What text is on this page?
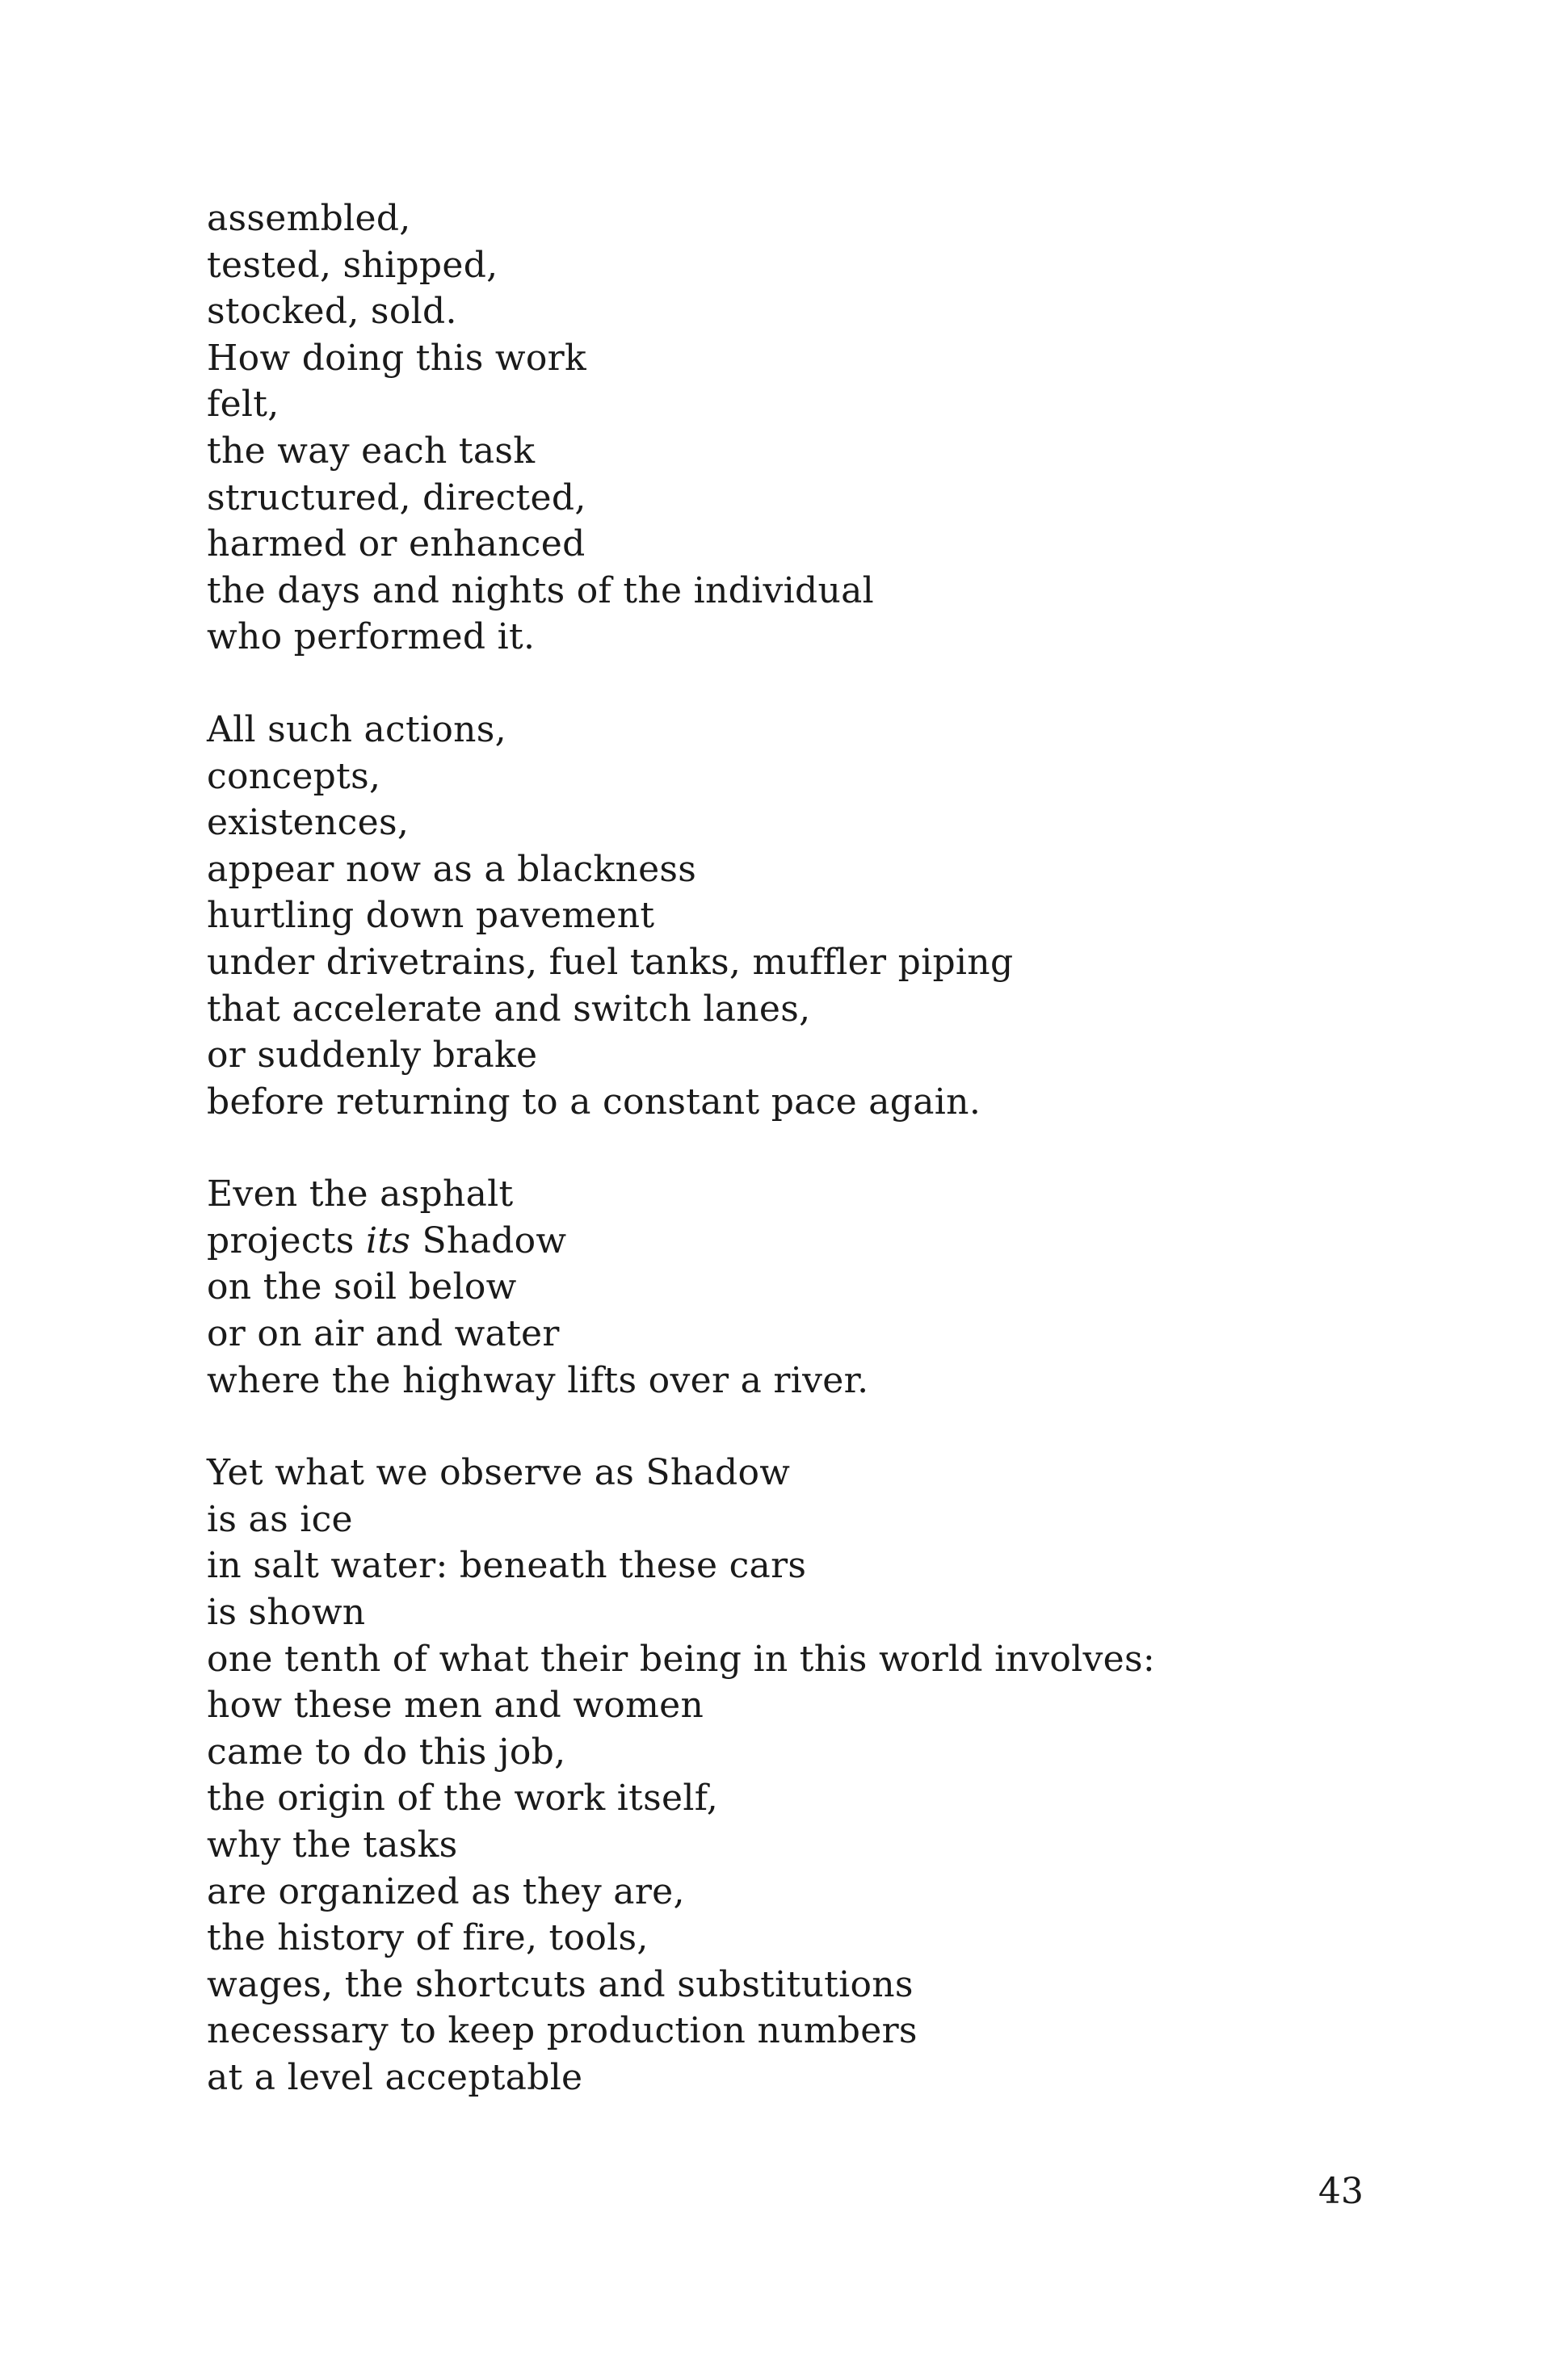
assembled,
tested, shipped,
stocked, sold.
How doing this work
felt,
the way each task
structured, directed,
harmed or enhanced
the days and nights of the individual
who performed it.
All such actions,
concepts,
existences,
appear now as a blackness
hurtling down pavement
under drivetrains, fuel tanks, muffler piping
that accelerate and switch lanes,
or suddenly brake
before returning to a constant pace again.
Even the asphalt
projects its Shadow
on the soil below
or on air and water
where the highway lifts over a river.
Yet what we observe as Shadow
is as ice
in salt water: beneath these cars
is shown
one tenth of what their being in this world involves:
how these men and women
came to do this job,
the origin of the work itself,
why the tasks
are organized as they are,
the history of fire, tools,
wages, the shortcuts and substitutions
necessary to keep production numbers
at a level acceptable
43
